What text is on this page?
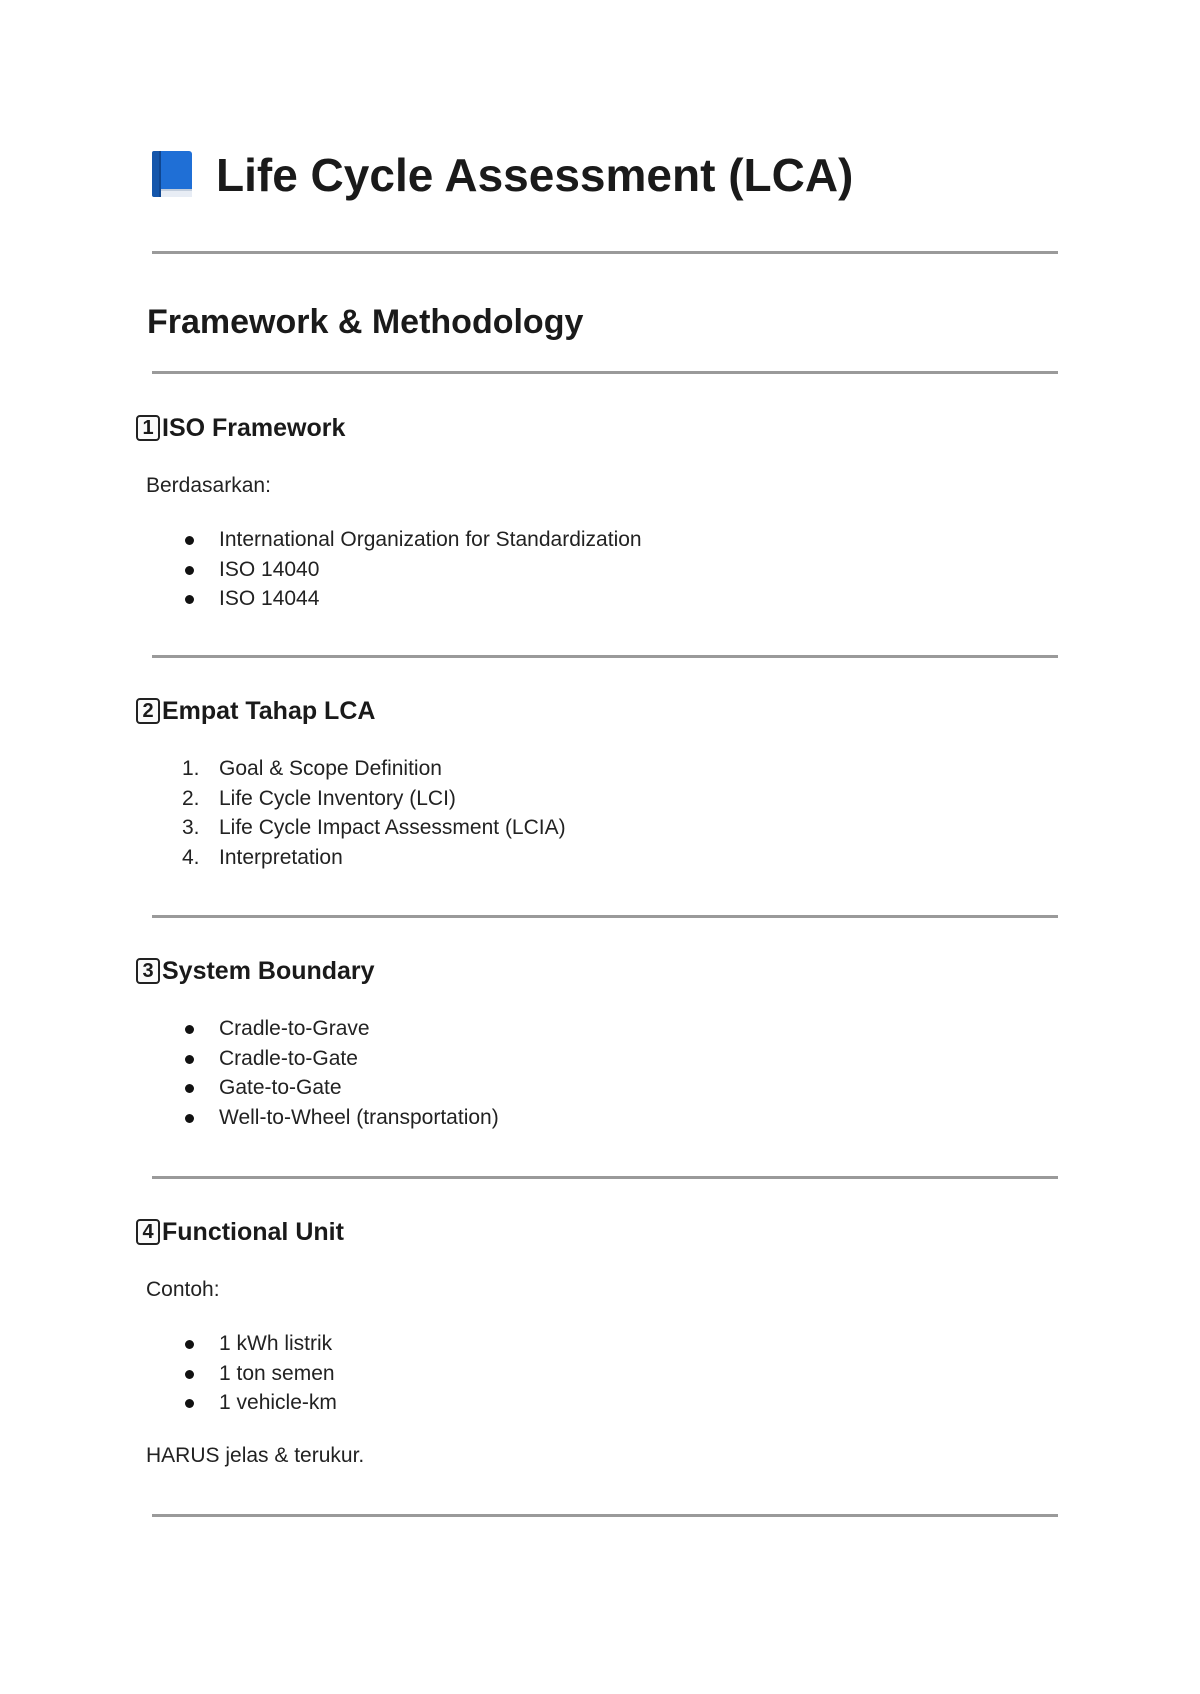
Life Cycle Assessment (LCA)
Framework & Methodology
1 ISO Framework
Berdasarkan:
International Organization for Standardization
ISO 14040
ISO 14044
2 Empat Tahap LCA
1. Goal & Scope Definition
2. Life Cycle Inventory (LCI)
3. Life Cycle Impact Assessment (LCIA)
4. Interpretation
3 System Boundary
Cradle-to-Grave
Cradle-to-Gate
Gate-to-Gate
Well-to-Wheel (transportation)
4 Functional Unit
Contoh:
1 kWh listrik
1 ton semen
1 vehicle-km
HARUS jelas & terukur.
